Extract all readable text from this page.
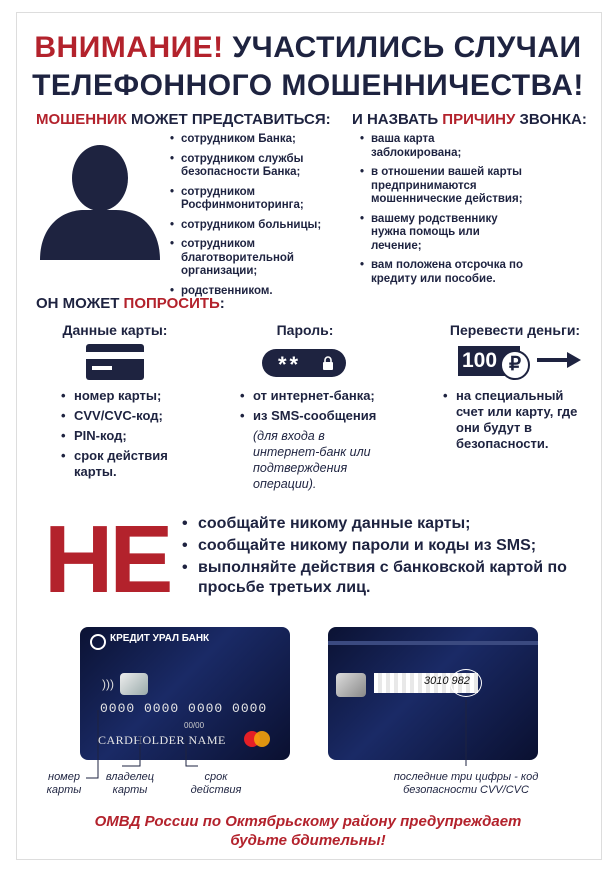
ВНИМАНИЕ! УЧАСТИЛИСЬ СЛУЧАИ
ТЕЛЕФОННОГО МОШЕННИЧЕСТВА!
МОШЕННИК МОЖЕТ ПРЕДСТАВИТЬСЯ: И НАЗВАТЬ ПРИЧИНУ ЗВОНКА:
• сотрудником Банка;
• сотрудником службы безопасности Банка;
• сотрудником Росфинмониторинга;
• сотрудником больницы;
• сотрудником благотворительной организации;
• родственником.
• ваша карта заблокирована;
• в отношении вашей карты предпринимаются мошеннические действия;
• вашему родственнику нужна помощь или лечение;
• вам положена отсрочка по кредиту или пособие.
ОН МОЖЕТ ПОПРОСИТЬ:
Данные карты:	Пароль:	Перевести деньги:
**	100 ₽
• номер карты;
• CVV/CVC-код;
• PIN-код;
• срок действия карты.
• от интернет-банка;
• из SMS-сообщения
(для входа в интернет-банк или подтверждения операции).
• на специальный счет или карту, где они будут в безопасности.
НЕ
•	сообщайте никому данные карты;
• сообщайте никому пароли и коды из SMS;
• выполняйте действия с банковской картой по просьбе третьих лиц.
КРЕДИТ УРАЛ БАНК
)))
0000 0000 0000 0000
00/00
CARDHOLDER NAME
3010 982
номер карты
владелец карты
срок действия
последние три цифры - код безопасности CVV/CVC
ОМВД России по Октябрьскому району предупреждает
будьте бдительны!
